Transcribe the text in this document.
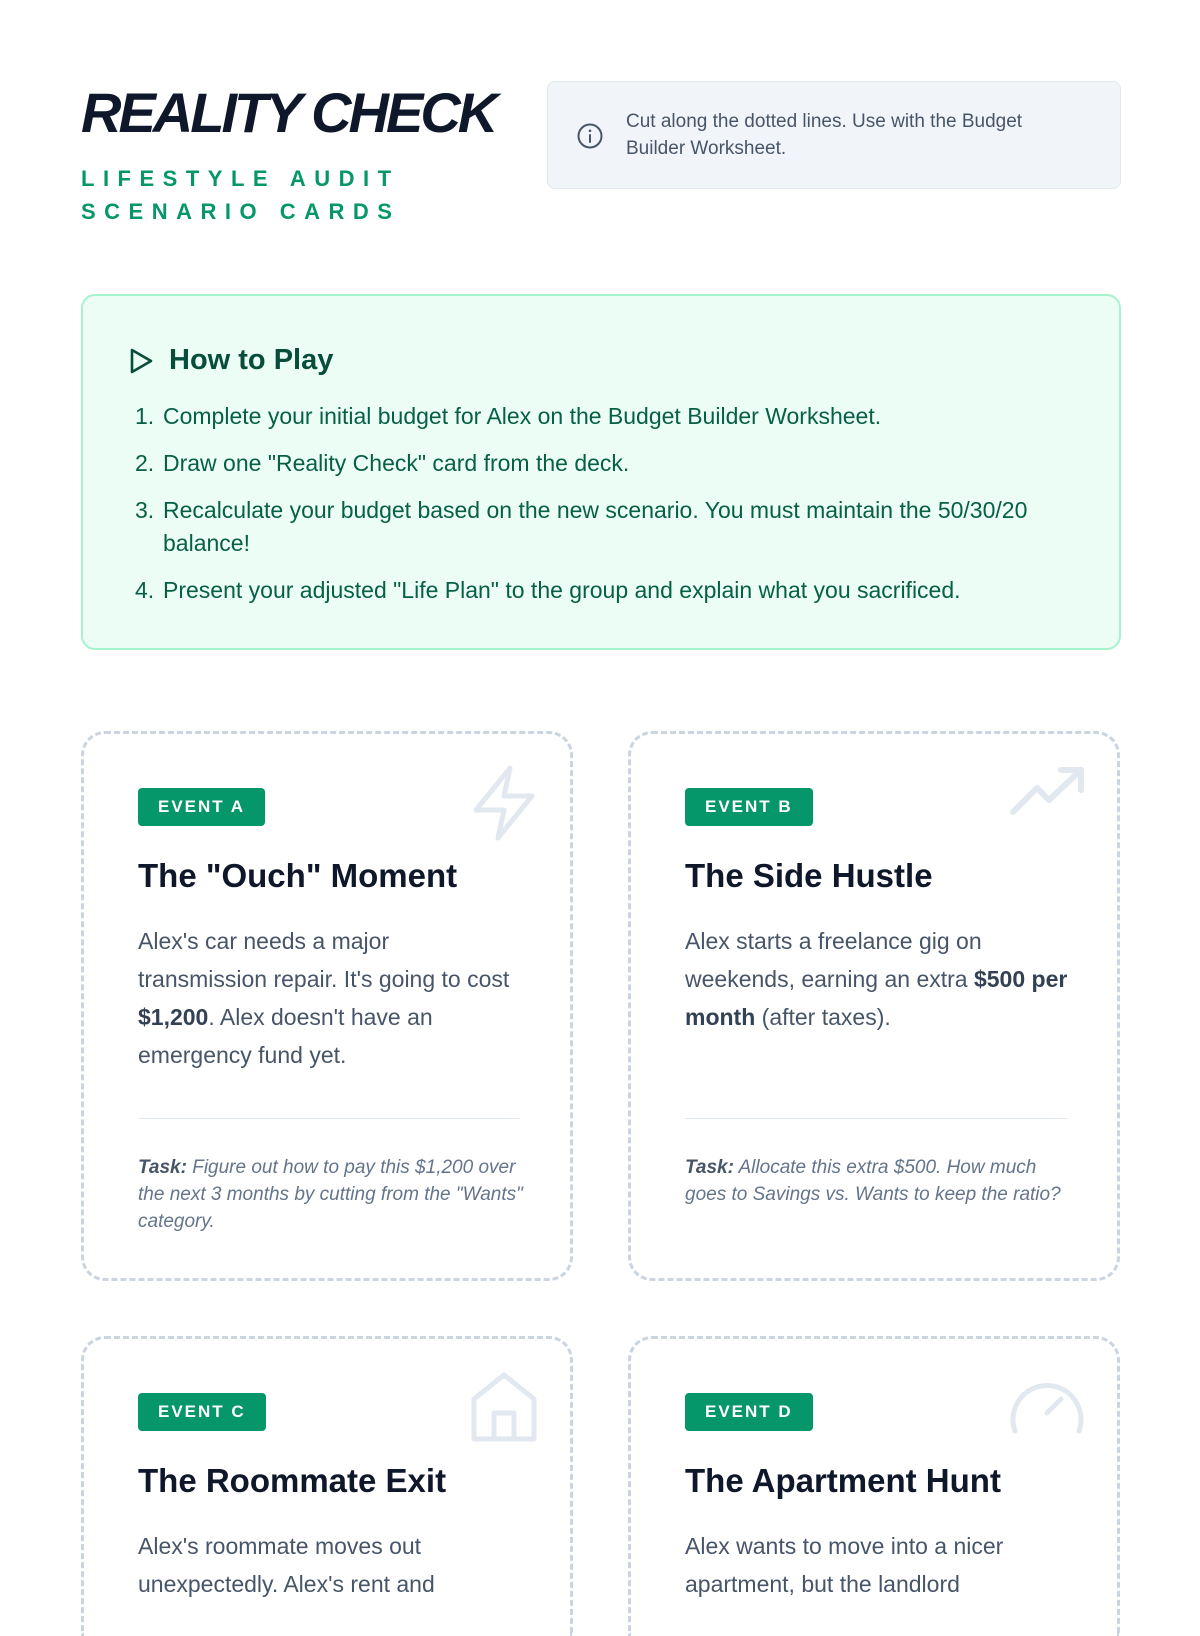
REALITY CHECK
LIFESTYLE AUDIT SCENARIO CARDS
Cut along the dotted lines. Use with the Budget Builder Worksheet.
How to Play
1. Complete your initial budget for Alex on the Budget Builder Worksheet.
2. Draw one "Reality Check" card from the deck.
3. Recalculate your budget based on the new scenario. You must maintain the 50/30/20 balance!
4. Present your adjusted "Life Plan" to the group and explain what you sacrificed.
EVENT A
The "Ouch" Moment
Alex's car needs a major transmission repair. It's going to cost $1,200. Alex doesn't have an emergency fund yet.
Task: Figure out how to pay this $1,200 over the next 3 months by cutting from the "Wants" category.
EVENT B
The Side Hustle
Alex starts a freelance gig on weekends, earning an extra $500 per month (after taxes).
Task: Allocate this extra $500. How much goes to Savings vs. Wants to keep the ratio?
EVENT C
The Roommate Exit
Alex's roommate moves out unexpectedly. Alex's rent and
EVENT D
The Apartment Hunt
Alex wants to move into a nicer apartment, but the landlord
